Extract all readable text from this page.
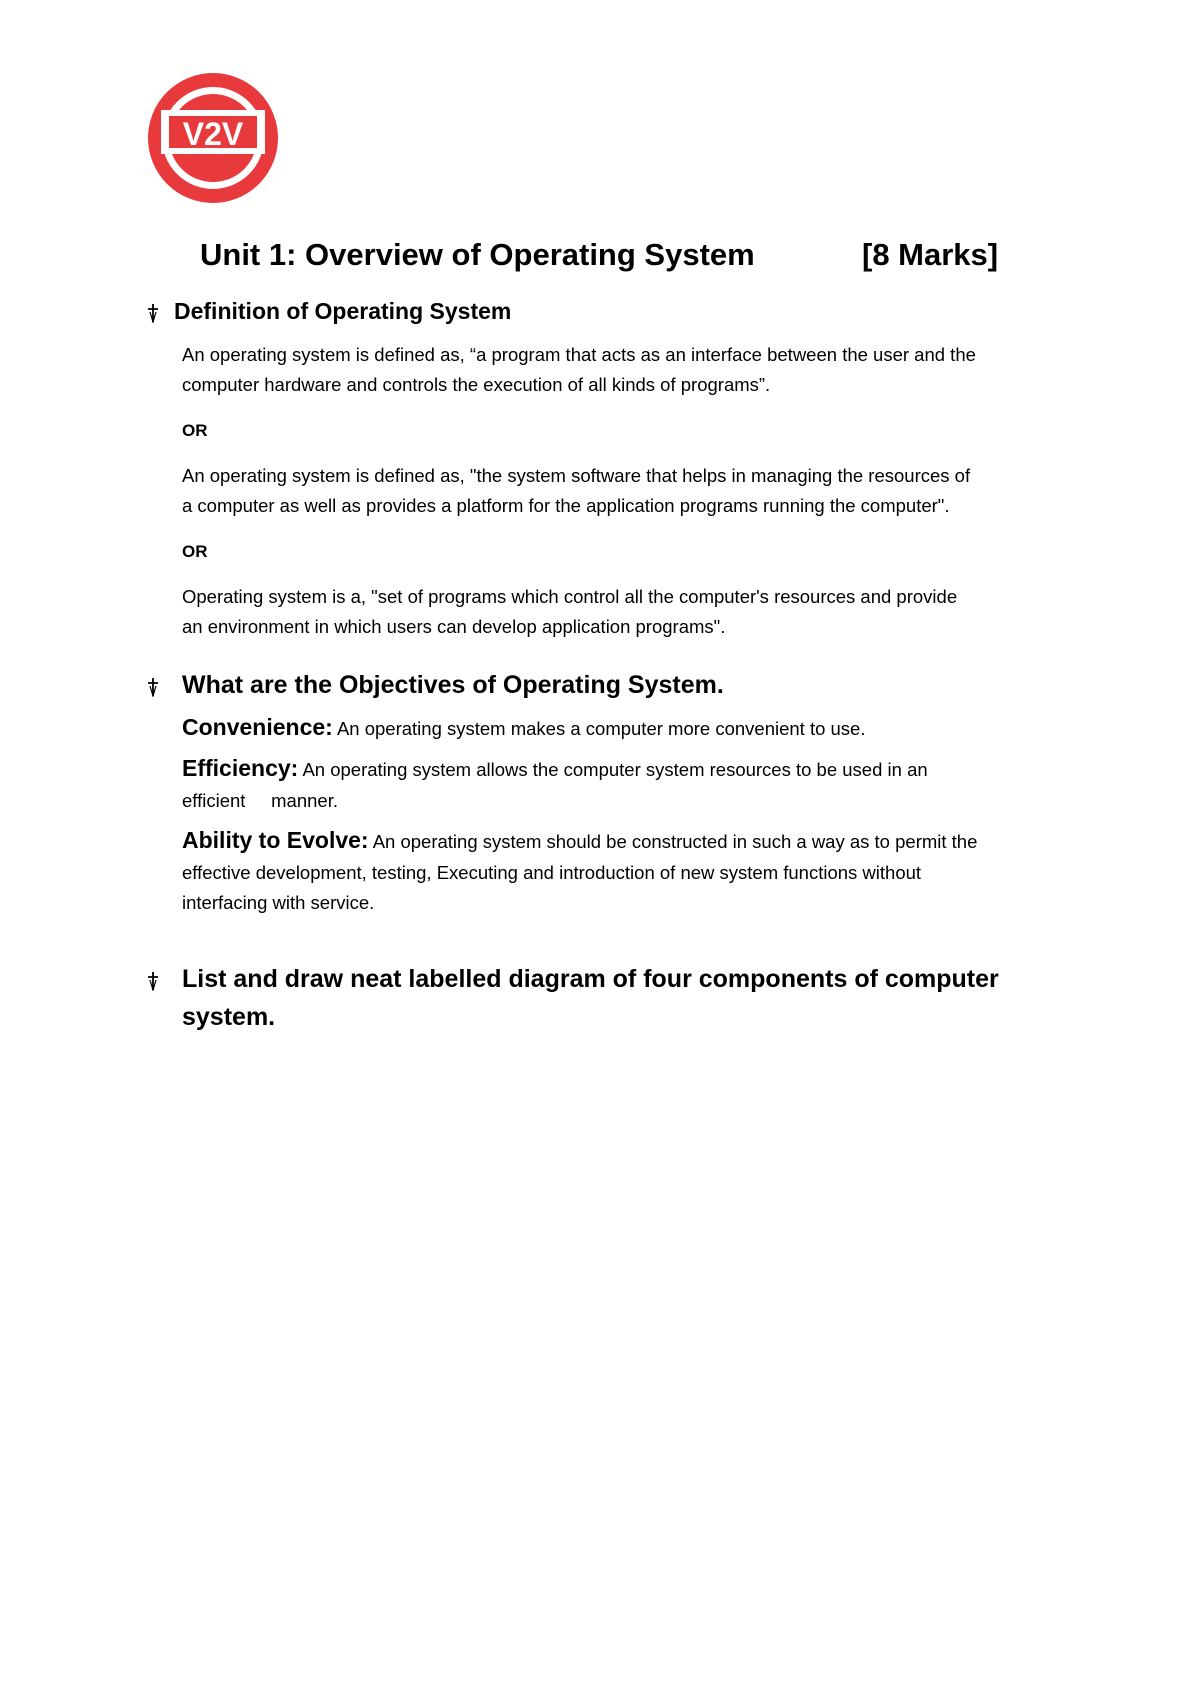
V2V
Unit 1: Overview of Operating System	[8 Marks]
Definition of Operating System
An operating system is defined as, “a program that acts as an interface between the user and the
computer hardware and controls the execution of all kinds of programs”.
OR
An operating system is defined as, "the system software that helps in managing the resources of
a computer as well as provides a platform for the application programs running the computer".
OR
Operating system is a, "set of programs which control all the computer's resources and provide
an environment in which users can develop application programs".
What are the Objectives of Operating System.
Convenience: An operating system makes a computer more convenient to use.
Efficiency: An operating system allows the computer system resources to be used in an
efficient     manner.
Ability to Evolve: An operating system should be constructed in such a way as to permit the
effective development, testing, Executing and introduction of new system functions without
interfacing with service.
List and draw neat labelled diagram of four components of computer
system.
